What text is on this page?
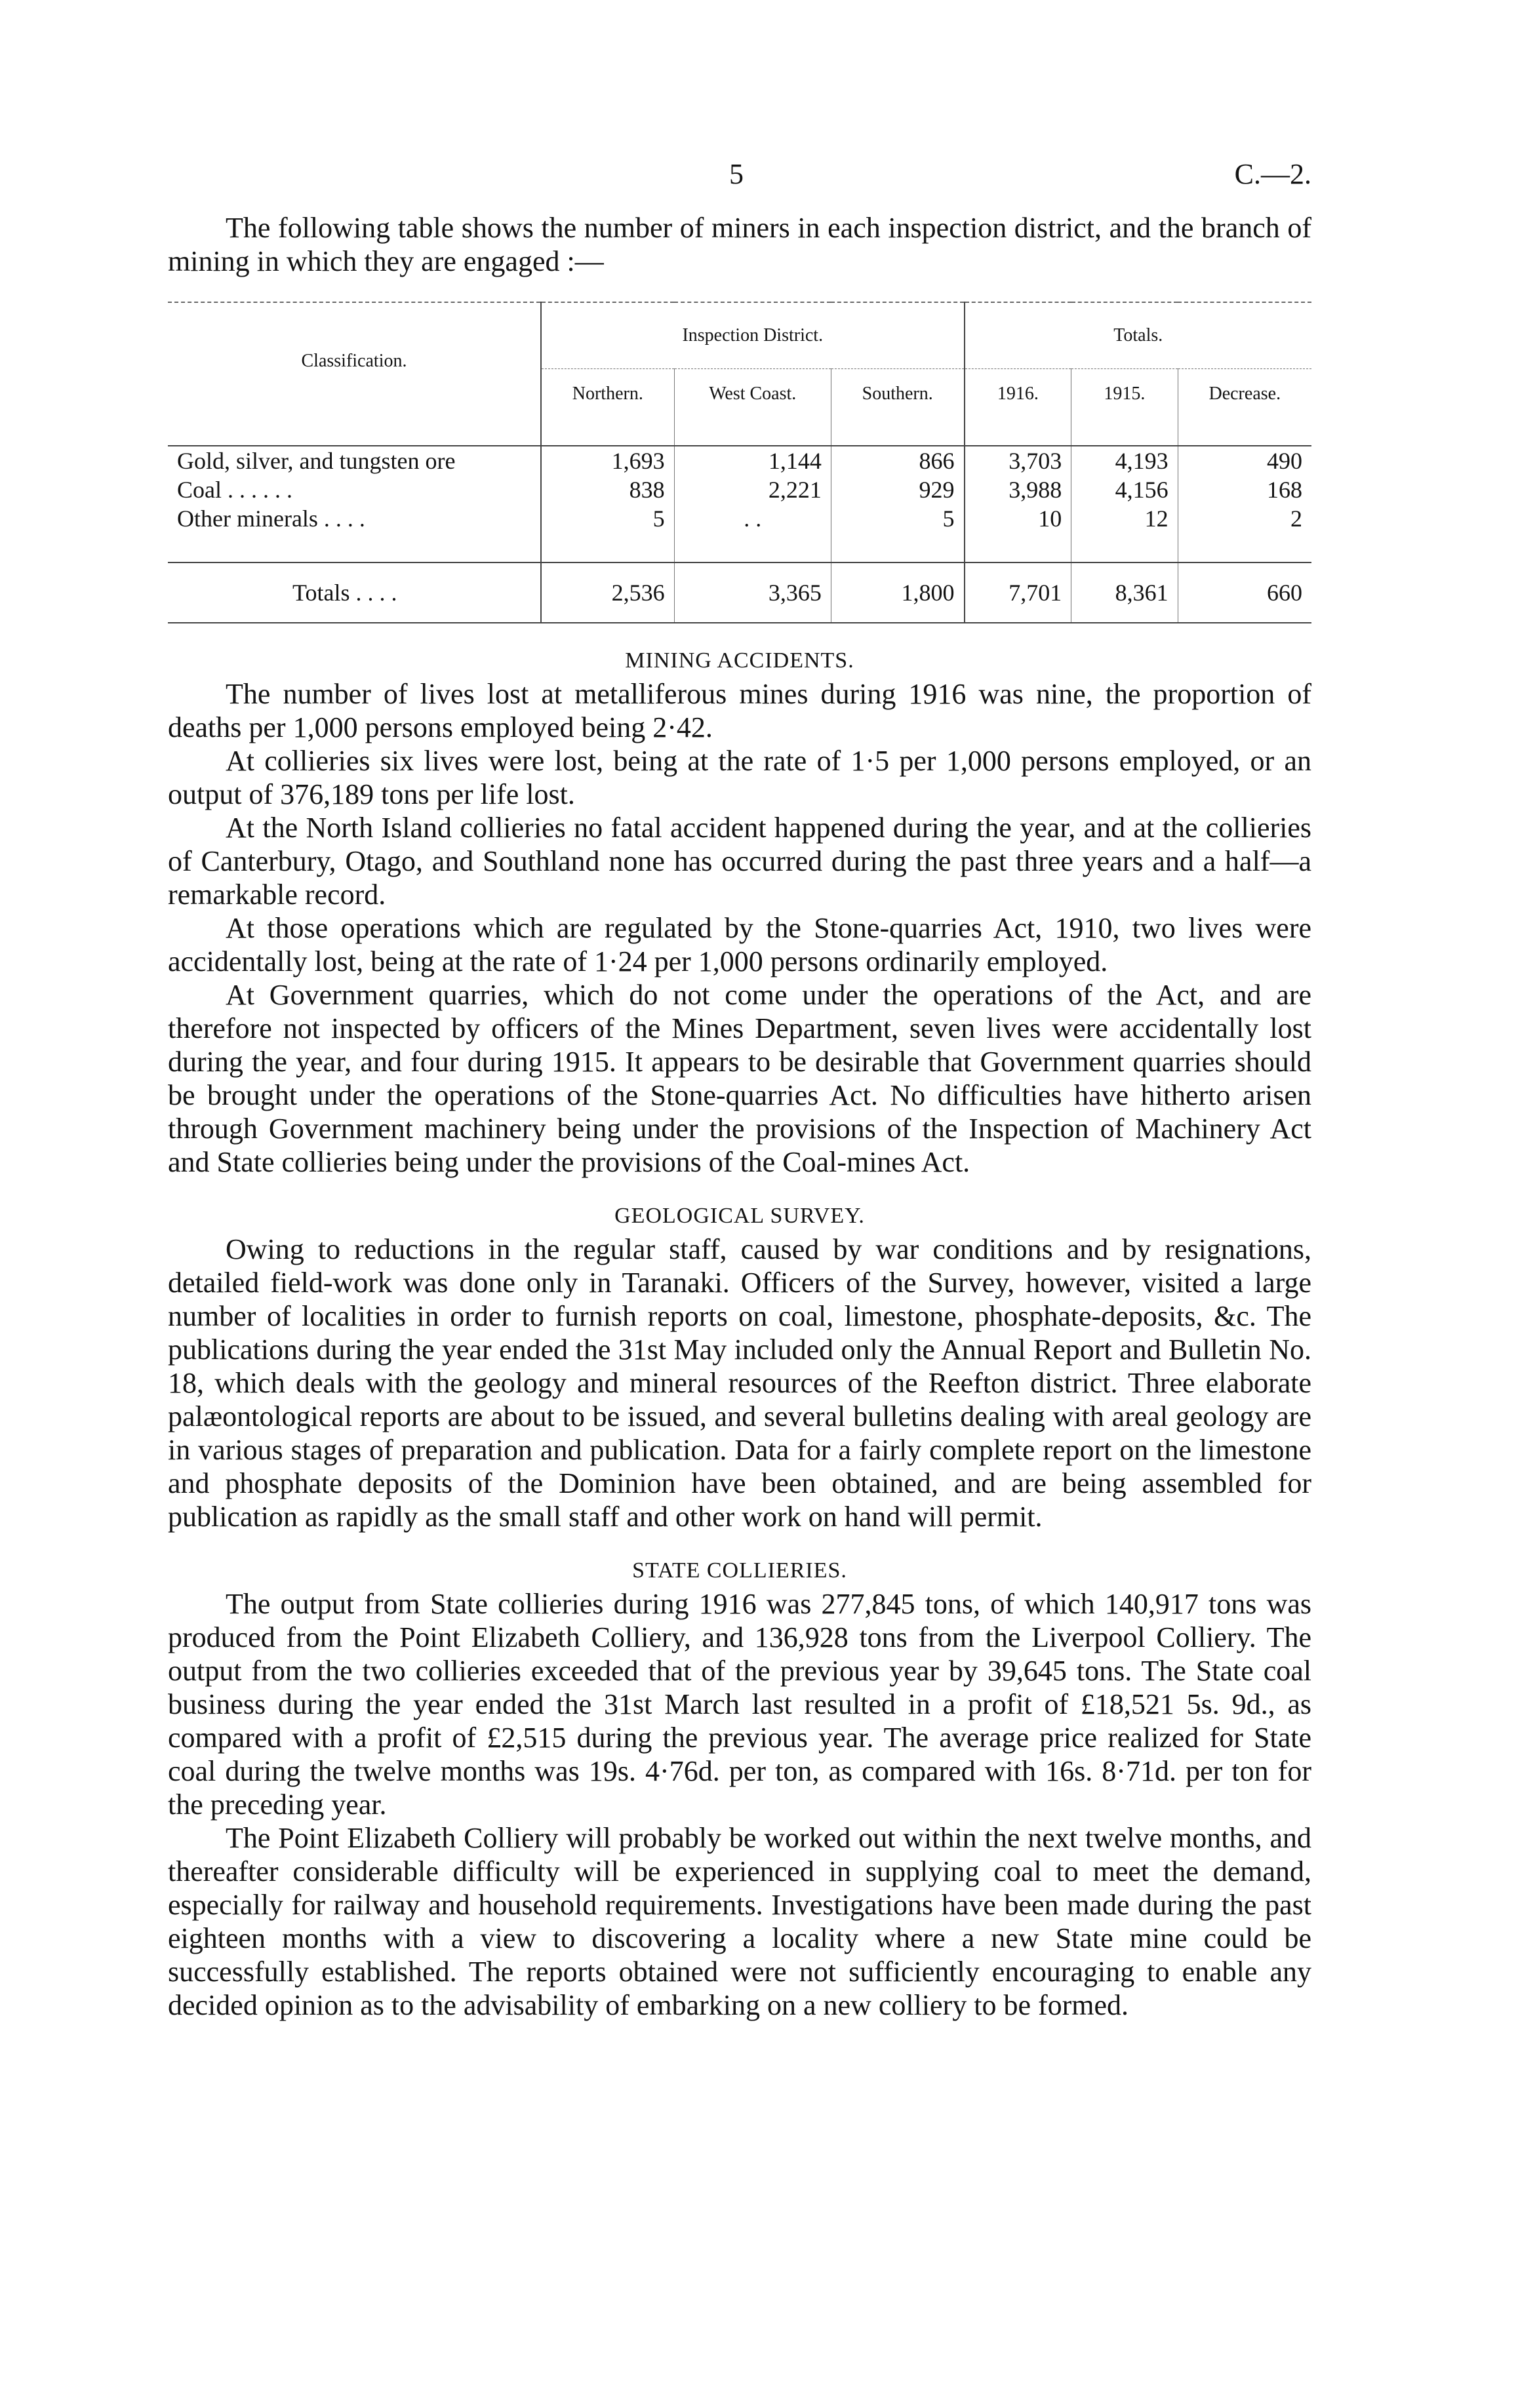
5	C.—2.

The following table shows the number of miners in each inspection district, and the branch of mining in which they are engaged :—

Classification.	Inspection District.			Totals.		
	Northern.	West Coast.	Southern.	1916.	1915.	Decrease.

Gold, silver, and tungsten ore	1,693	1,144	866	3,703	4,193	490
Coal . . . . . .	838	2,221	929	3,988	4,156	168
Other minerals . . . .	5	. .	5	10	12	2

Totals . . . .	2,536	3,365	1,800	7,701	8,361	660
MINING ACCIDENTS.

The number of lives lost at metalliferous mines during 1916 was nine, the proportion of deaths per 1,000 persons employed being 2·42.

At collieries six lives were lost, being at the rate of 1·5 per 1,000 persons employed, or an output of 376,189 tons per life lost.

At the North Island collieries no fatal accident happened during the year, and at the collieries of Canterbury, Otago, and Southland none has occurred during the past three years and a half—a remarkable record.

At those operations which are regulated by the Stone-quarries Act, 1910, two lives were accidentally lost, being at the rate of 1·24 per 1,000 persons ordinarily employed.

At Government quarries, which do not come under the operations of the Act, and are therefore not inspected by officers of the Mines Department, seven lives were accidentally lost during the year, and four during 1915. It appears to be desirable that Government quarries should be brought under the operations of the Stone-quarries Act. No difficulties have hitherto arisen through Government machinery being under the provisions of the Inspection of Machinery Act and State collieries being under the provisions of the Coal-mines Act.

GEOLOGICAL SURVEY.

Owing to reductions in the regular staff, caused by war conditions and by resignations, detailed field-work was done only in Taranaki. Officers of the Survey, however, visited a large number of localities in order to furnish reports on coal, limestone, phosphate-deposits, &c. The publications during the year ended the 31st May included only the Annual Report and Bulletin No. 18, which deals with the geology and mineral resources of the Reefton district. Three elaborate palæontological reports are about to be issued, and several bulletins dealing with areal geology are in various stages of preparation and publication. Data for a fairly complete report on the limestone and phosphate deposits of the Dominion have been obtained, and are being assembled for publication as rapidly as the small staff and other work on hand will permit.

STATE COLLIERIES.

The output from State collieries during 1916 was 277,845 tons, of which 140,917 tons was produced from the Point Elizabeth Colliery, and 136,928 tons from the Liverpool Colliery. The output from the two collieries exceeded that of the previous year by 39,645 tons. The State coal business during the year ended the 31st March last resulted in a profit of £18,521 5s. 9d., as compared with a profit of £2,515 during the previous year. The average price realized for State coal during the twelve months was 19s. 4·76d. per ton, as compared with 16s. 8·71d. per ton for the preceding year.

The Point Elizabeth Colliery will probably be worked out within the next twelve months, and thereafter considerable difficulty will be experienced in supplying coal to meet the demand, especially for railway and household requirements. Investigations have been made during the past eighteen months with a view to discovering a locality where a new State mine could be successfully established. The reports obtained were not sufficiently encouraging to enable any decided opinion as to the advisability of embarking on a new colliery to be formed.
